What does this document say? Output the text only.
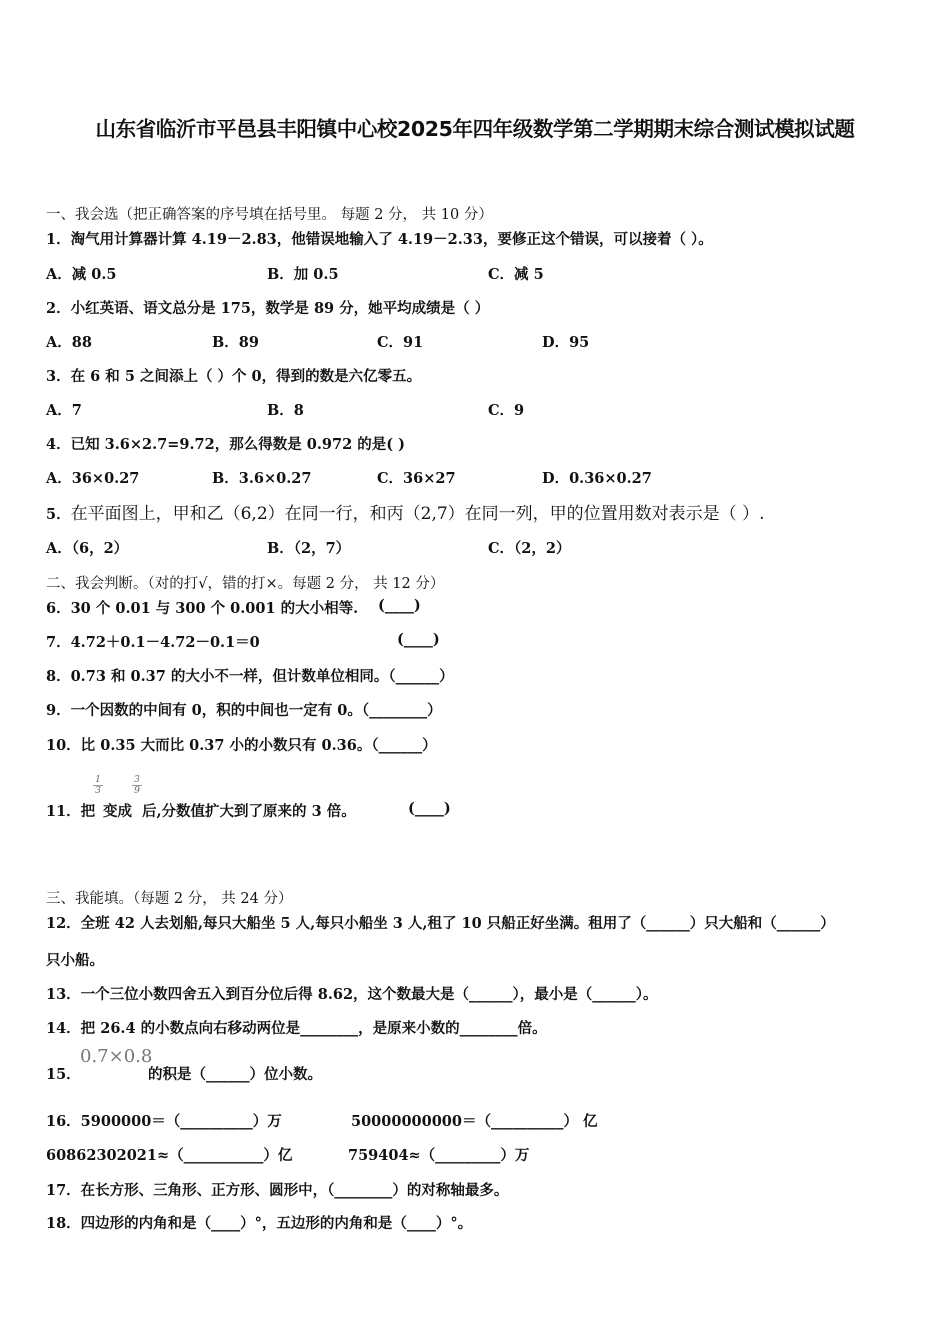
山东省临沂市平邑县丰阳镇中心校2025年四年级数学第二学期期末综合测试模拟试题
一、我会选（把正确答案的序号填在括号里。 每题 2 分， 共 10 分）
1．淘气用计算器计算 4.19－2.83，他错误地输入了 4.19－2.33，要修正这个错误，可以接着（ ）。
A．减 0.5	B．加 0.5	C．减 5
2．小红英语、语文总分是 175，数学是 89 分，她平均成绩是（ ）
A．88	B．89	C．91	D．95
3．在 6 和 5 之间添上（ ）个 0，得到的数是六亿零五。
A．7	B．8	C．9
4．已知 3.6×2.7=9.72，那么得数是 0.972 的是( )
A．36×0.27	B．3.6×0.27	C．36×27	D．0.36×0.27
5．在平面图上，甲和乙（6,2）在同一行，和丙（2,7）在同一列，甲的位置用数对表示是（ ）.
A．（6，2）	B．（2，7）	C．（2，2）
二、我会判断。（对的打√，错的打×。每题 2 分， 共 12 分）
6．30 个 0.01 与 300 个 0.001 的大小相等. (____)
7．4.72＋0.1－4.72－0.1＝0	(____)
8．0.73 和 0.37 的大小不一样，但计数单位相同。（______）
9．一个因数的中间有 0，积的中间也一定有 0。（________）
10．比 0.35 大而比 0.37 小的小数只有 0.36。（______）
11．把
$\frac{1}{3}$
变成
$\frac{3}{9}$
后,分数值扩大到了原来的 3 倍。	(____)
三、我能填。（每题 2 分， 共 24 分）
12．全班 42 人去划船,每只大船坐 5 人,每只小船坐 3 人,租了 10 只船正好坐满。租用了（______）只大船和（______）
只小船。
13．一个三位小数四舍五入到百分位后得 8.62，这个数最大是（______），最小是（______）。
14．把 26.4 的小数点向右移动两位是________，是原来小数的________倍。
15．
0.7×0.8
的积是（______）位小数。
16．5900000＝（__________）万	50000000000＝（__________） 亿
60862302021≈（___________）亿	759404≈（_________）万
17．在长方形、三角形、正方形、圆形中，（________）的对称轴最多。
18．四边形的内角和是（____）°，五边形的内角和是（____）°。
